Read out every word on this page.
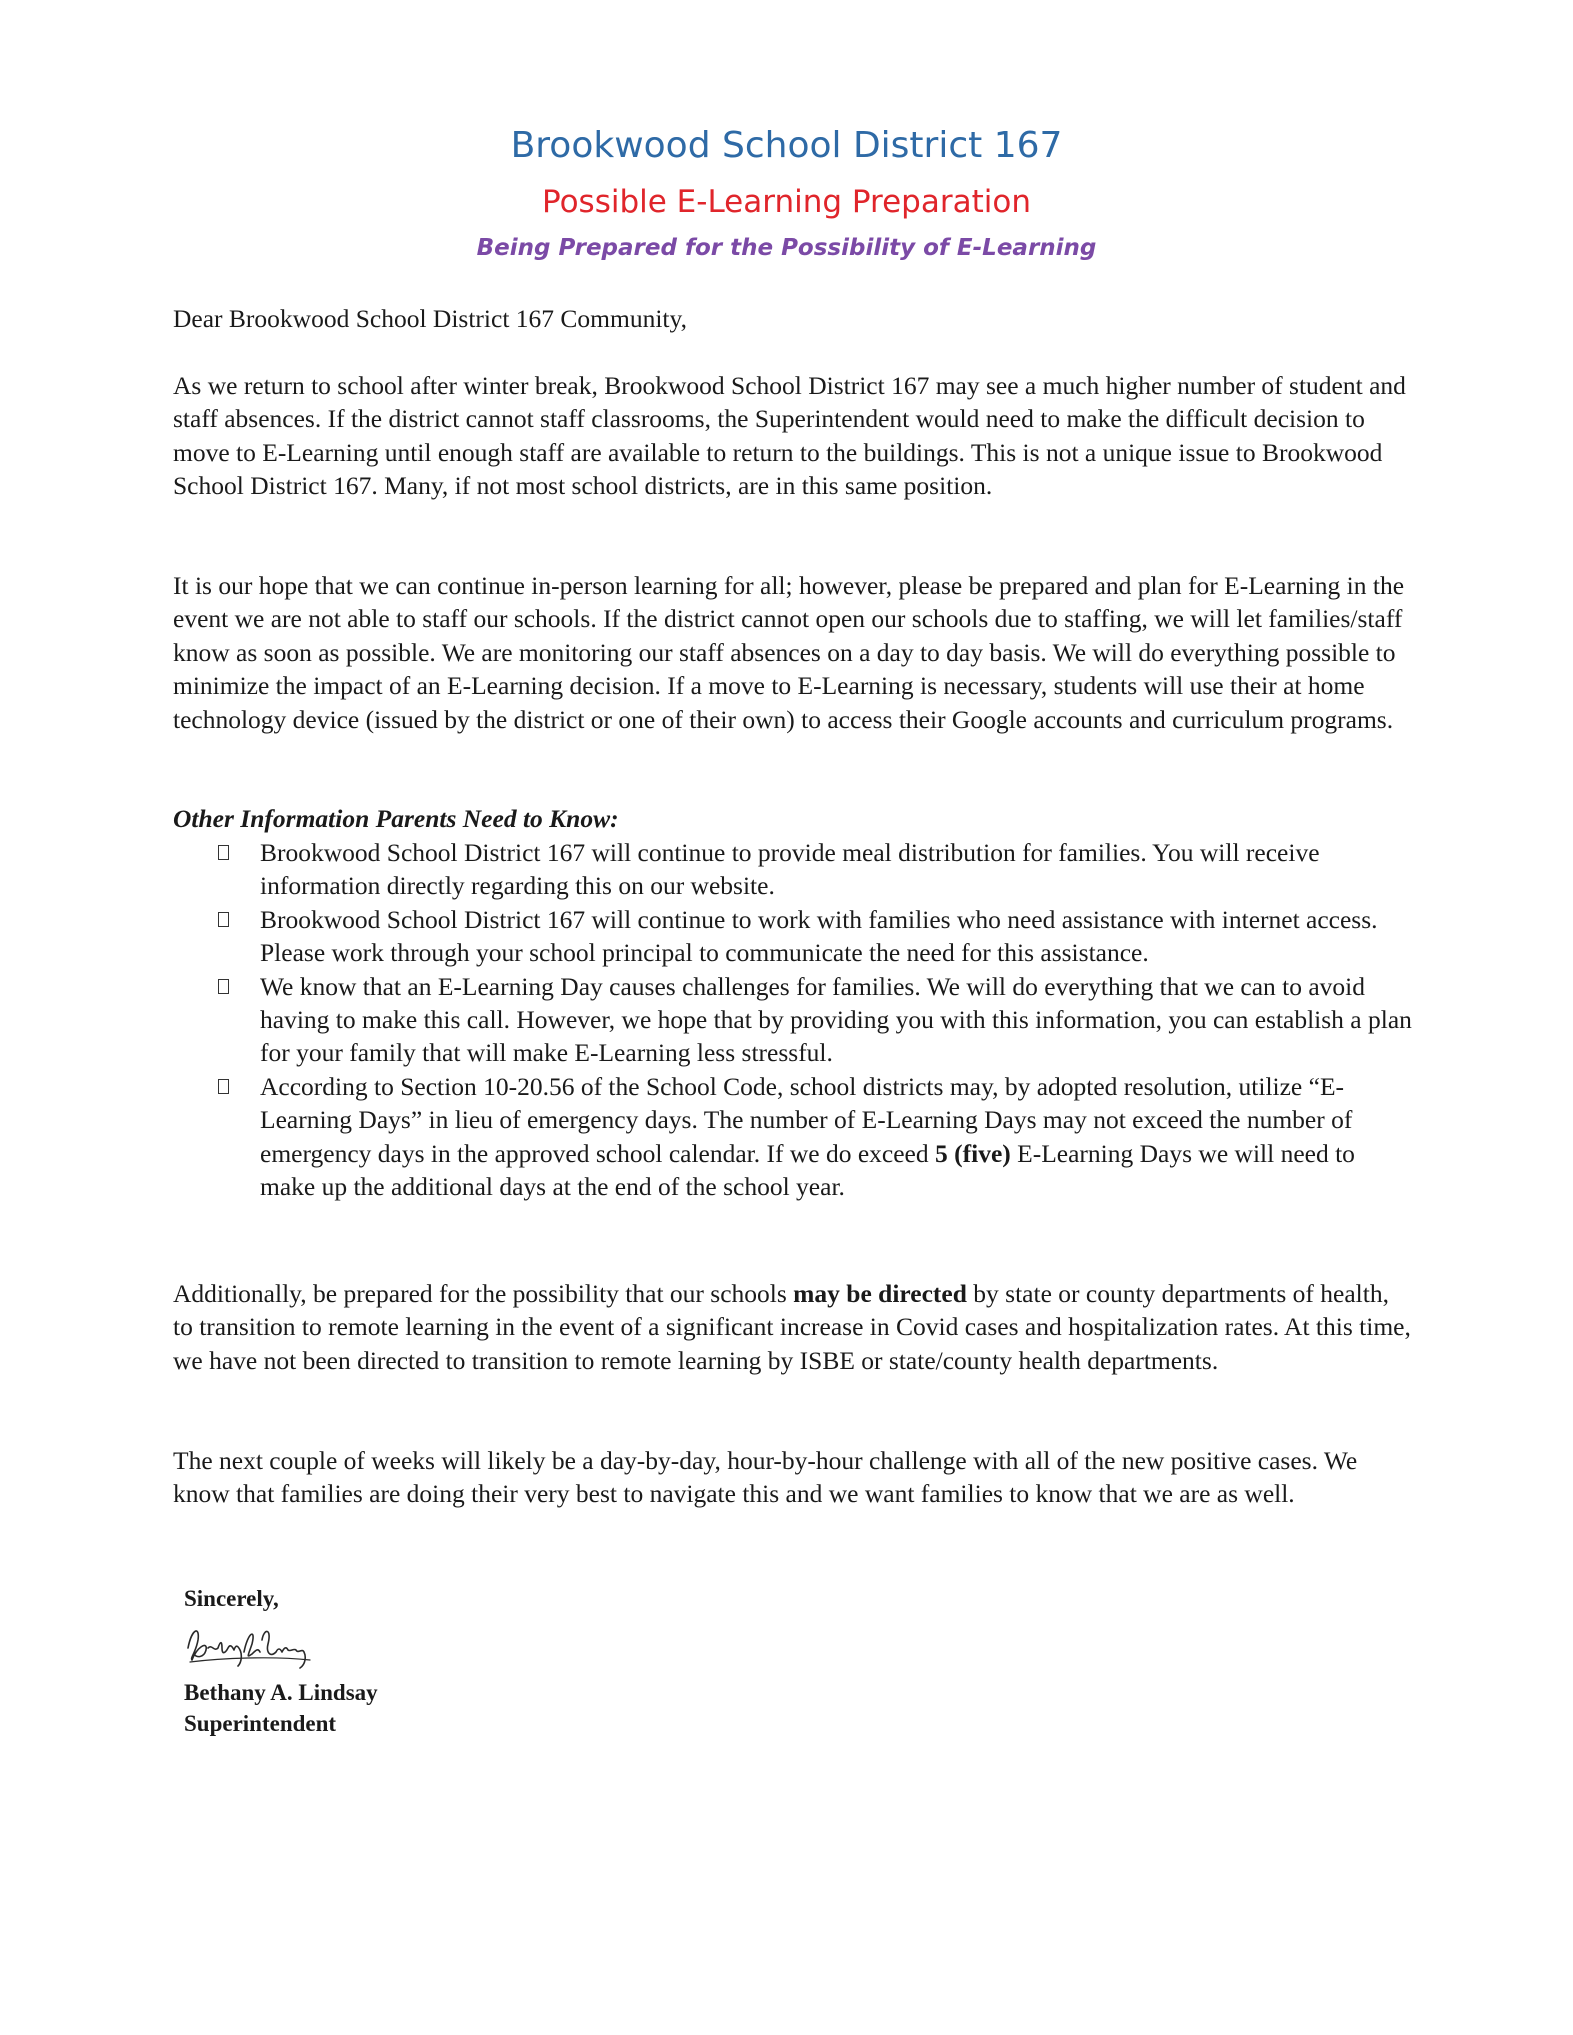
Brookwood School District 167
Possible E-Learning Preparation
Being Prepared for the Possibility of E-Learning

Dear Brookwood School District 167 Community,

As we return to school after winter break, Brookwood School District 167 may see a much higher number of student and staff absences. If the district cannot staff classrooms, the Superintendent would need to make the difficult decision to move to E-Learning until enough staff are available to return to the buildings. This is not a unique issue to Brookwood School District 167. Many, if not most school districts, are in this same position.

It is our hope that we can continue in-person learning for all; however, please be prepared and plan for E-Learning in the event we are not able to staff our schools. If the district cannot open our schools due to staffing, we will let families/staff know as soon as possible. We are monitoring our staff absences on a day to day basis. We will do everything possible to minimize the impact of an E-Learning decision. If a move to E-Learning is necessary, students will use their at home technology device (issued by the district or one of their own) to access their Google accounts and curriculum programs.

Other Information Parents Need to Know:
Brookwood School District 167 will continue to provide meal distribution for families. You will receive information directly regarding this on our website.
Brookwood School District 167 will continue to work with families who need assistance with internet access. Please work through your school principal to communicate the need for this assistance.
We know that an E-Learning Day causes challenges for families. We will do everything that we can to avoid having to make this call. However, we hope that by providing you with this information, you can establish a plan for your family that will make E-Learning less stressful.
According to Section 10-20.56 of the School Code, school districts may, by adopted resolution, utilize “E-Learning Days” in lieu of emergency days. The number of E-Learning Days may not exceed the number of emergency days in the approved school calendar. If we do exceed 5 (five) E-Learning Days we will need to make up the additional days at the end of the school year.

Additionally, be prepared for the possibility that our schools may be directed by state or county departments of health, to transition to remote learning in the event of a significant increase in Covid cases and hospitalization rates. At this time, we have not been directed to transition to remote learning by ISBE or state/county health departments.

The next couple of weeks will likely be a day-by-day, hour-by-hour challenge with all of the new positive cases. We know that families are doing their very best to navigate this and we want families to know that we are as well.

Sincerely,
Bethany A. Lindsay
Superintendent
